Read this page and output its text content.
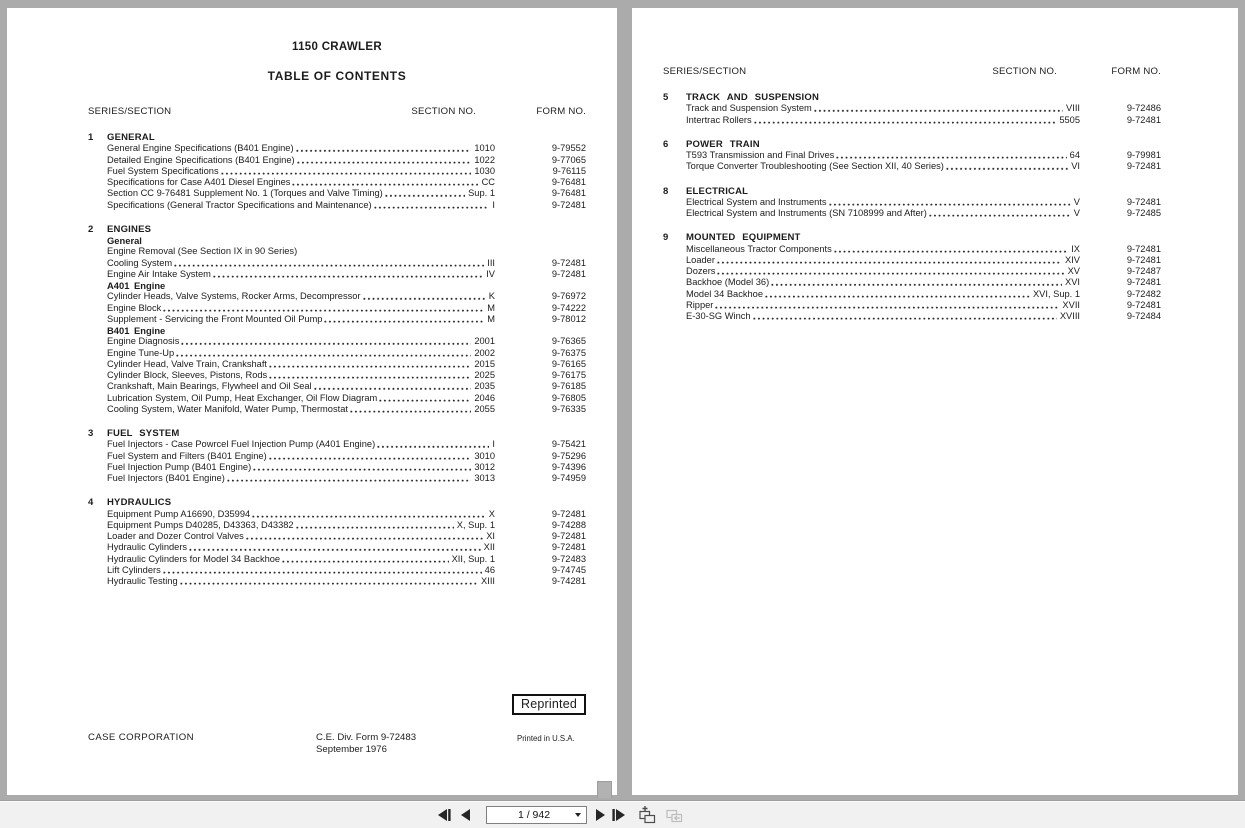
1150 CRAWLER
TABLE OF CONTENTS
SERIES/SECTION	SECTION NO.	FORM NO.
1	GENERAL
General Engine Specifications (B401 Engine)	1010	9-79552
Detailed Engine Specifications (B401 Engine)	1022	9-77065
Fuel System Specifications	1030	9-76115
Specifications for Case A401 Diesel Engines	CC	9-76481
Section CC 9-76481 Supplement No. 1 (Torques and Valve Timing)	Sup. 1	9-76481
Specifications (General Tractor Specifications and Maintenance)	I	9-72481
2	ENGINES
General
Engine Removal (See Section IX in 90 Series)
Cooling System	III	9-72481
Engine Air Intake System	IV	9-72481
A401 Engine
Cylinder Heads, Valve Systems, Rocker Arms, Decompressor	K	9-76972
Engine Block	M	9-74222
Supplement - Servicing the Front Mounted Oil Pump	M	9-78012
B401 Engine
Engine Diagnosis	2001	9-76365
Engine Tune-Up	2002	9-76375
Cylinder Head, Valve Train, Crankshaft	2015	9-76165
Cylinder Block, Sleeves, Pistons, Rods	2025	9-76175
Crankshaft, Main Bearings, Flywheel and Oil Seal	2035	9-76185
Lubrication System, Oil Pump, Heat Exchanger, Oil Flow Diagram	2046	9-76805
Cooling System, Water Manifold, Water Pump, Thermostat	2055	9-76335
3	FUEL SYSTEM
Fuel Injectors - Case Powrcel Fuel Injection Pump (A401 Engine)	I	9-75421
Fuel System and Filters (B401 Engine)	3010	9-75296
Fuel Injection Pump (B401 Engine)	3012	9-74396
Fuel Injectors (B401 Engine)	3013	9-74959
4	HYDRAULICS
Equipment Pump A16690, D35994	X	9-72481
Equipment Pumps D40285, D43363, D43382	X, Sup. 1	9-74288
Loader and Dozer Control Valves	XI	9-72481
Hydraulic Cylinders	XII	9-72481
Hydraulic Cylinders for Model 34 Backhoe	XII, Sup. 1	9-72483
Lift Cylinders	46	9-74745
Hydraulic Testing	XIII	9-74281
Reprinted
CASE CORPORATION	C.E. Div. Form 9-72483
September 1976
Printed in U.S.A.
SERIES/SECTION	SECTION NO.	FORM NO.
5	TRACK AND SUSPENSION
Track and Suspension System	VIII	9-72486
Intertrac Rollers	5505	9-72481
6	POWER TRAIN
T593 Transmission and Final Drives	64	9-79981
Torque Converter Troubleshooting (See Section XII, 40 Series)	VI	9-72481
8	ELECTRICAL
Electrical System and Instruments	V	9-72481
Electrical System and Instruments (SN 7108999 and After)	V	9-72485
9	MOUNTED EQUIPMENT
Miscellaneous Tractor Components	IX	9-72481
Loader	XIV	9-72481
Dozers	XV	9-72487
Backhoe (Model 36)	XVI	9-72481
Model 34 Backhoe	XVI, Sup. 1	9-72482
Ripper	XVII	9-72481
E-30-SG Winch	XVIII	9-72484
1 / 942
